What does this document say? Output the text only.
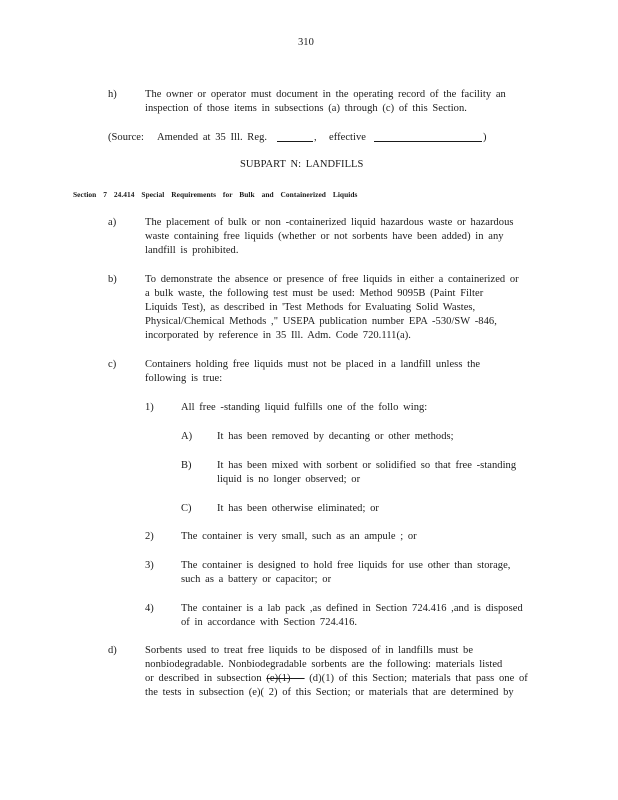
310
h)	The owner or operator must document in the operating record of the facility an
inspection of those items in subsections (a) through (c) of this Section.
(Source: Amended at 35 Ill. Reg.	, effective	)
SUBPART N: LANDFILLS
Section 7 24.414 Special Requirements for Bulk and Containerized Liquids
a)	The placement of bulk or non -containerized liquid hazardous waste or hazardous
waste containing free liquids (whether or not sorbents have been added) in any
landfill is prohibited.
b)	To demonstrate the absence or presence of free liquids in either a containerized or
a bulk waste, the following test must be used: Method 9095B (Paint Filter
Liquids Test), as described in 'Test Methods for Evaluating Solid Wastes,
Physical/Chemical Methods ," USEPA publication number EPA -530/SW -846,
incorporated by reference in 35 Ill. Adm. Code 720.111(a).
c)	Containers holding free liquids must not be placed in a landfill unless the
following is true:
1)	All free -standing liquid fulfills one of the follo wing:
A) It has been removed by decanting or other methods;
B) It has been mixed with sorbent or solidified so that free -standing
liquid is no longer observed; or
C) It has been otherwise eliminated; or
2)	The container is very small, such as an ampule ; or
3)	The container is designed to hold free liquids for use other than storage,
such as a battery or capacitor; or
4)	The container is a lab pack ,as defined in Section 724.416 ,and is disposed
of in accordance with Section 724.416.
d)	Sorbents used to treat free liquids to be disposed of in landfills must be
nonbiodegradable. Nonbiodegradable sorbents are the following: materials listed
or described in subsection (e)(1) (d)(1) of this Section; materials that pass one of
the tests in subsection (e)( 2) of this Section; or materials that are determined by
